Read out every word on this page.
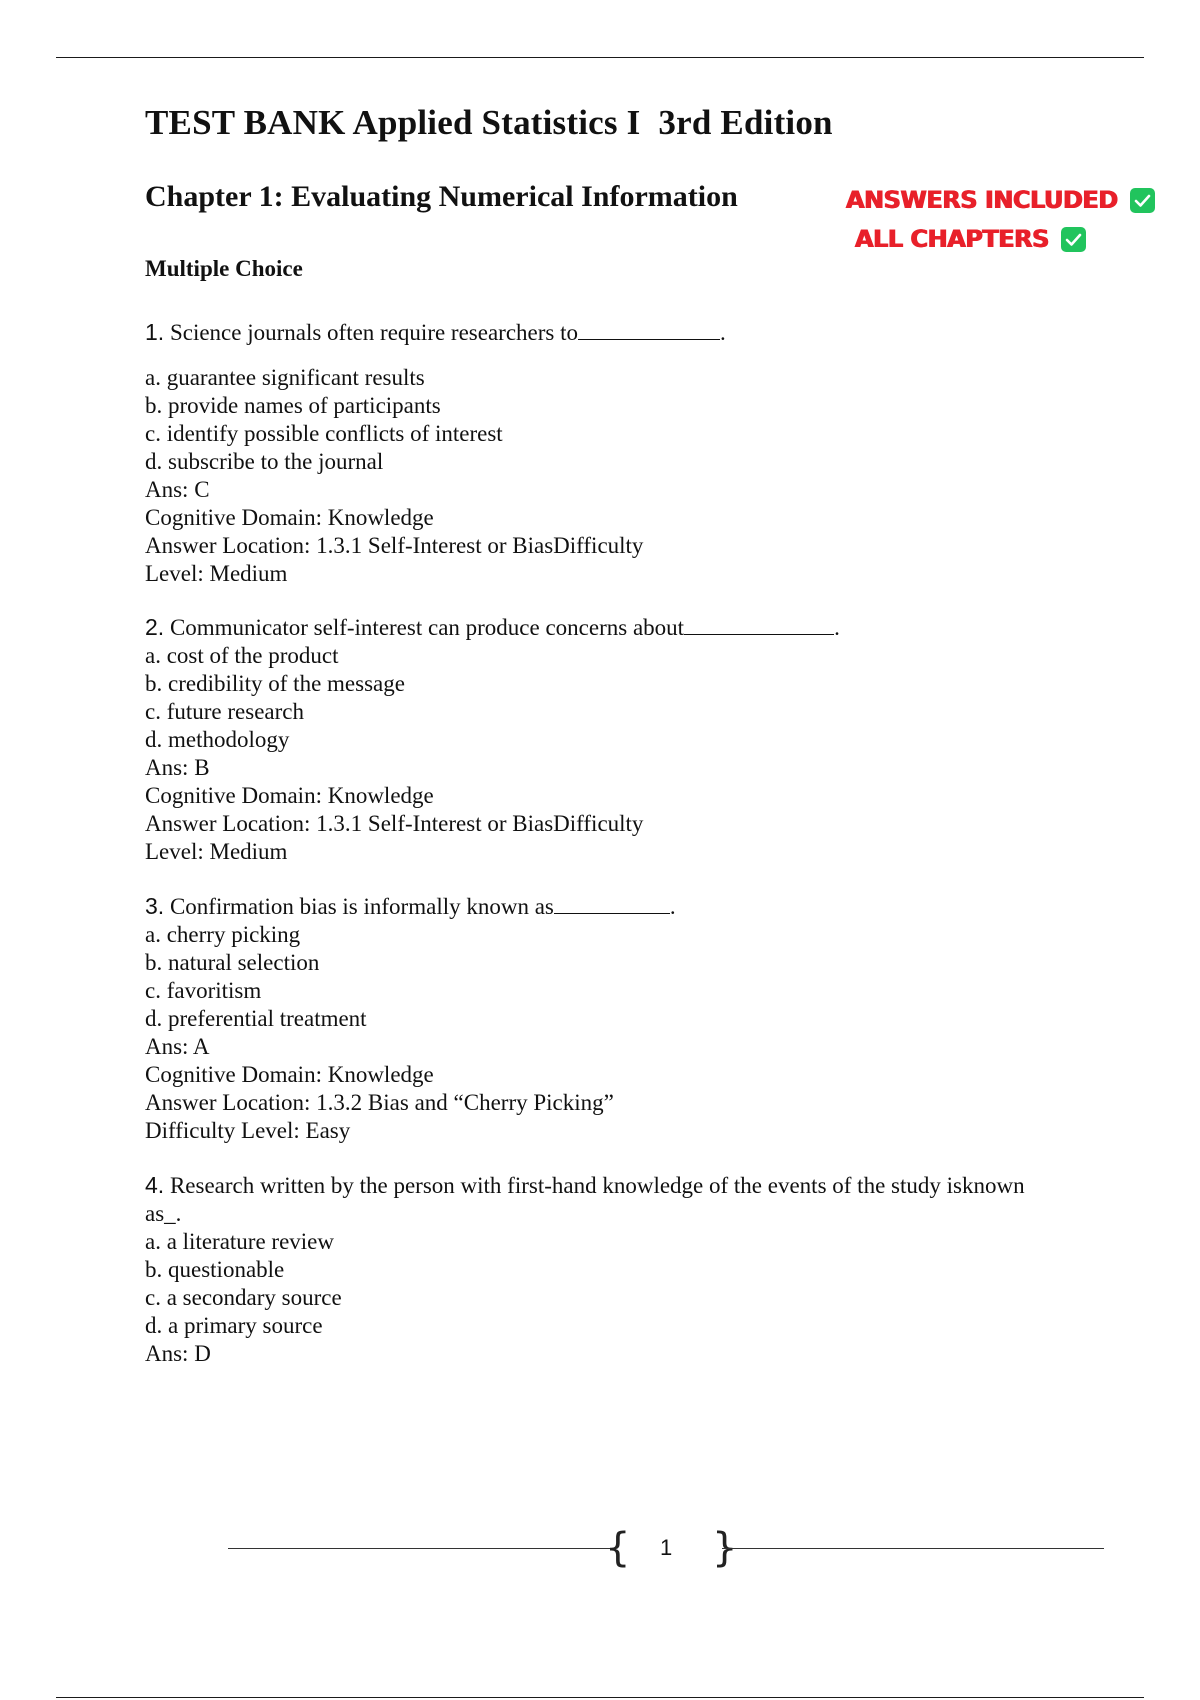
TEST BANK Applied Statistics I  3rd Edition
Chapter 1: Evaluating Numerical Information
Multiple Choice
ANSWERS INCLUDED
ALL CHAPTERS
1. Science journals often require researchers to	.
a. guarantee significant results
b. provide names of participants
c. identify possible conflicts of interest
d. subscribe to the journal
Ans: C
Cognitive Domain: Knowledge
Answer Location: 1.3.1 Self-Interest or BiasDifficulty
Level: Medium
2. Communicator self-interest can produce concerns about	.
a. cost of the product
b. credibility of the message
c. future research
d. methodology
Ans: B
Cognitive Domain: Knowledge
Answer Location: 1.3.1 Self-Interest or BiasDifficulty
Level: Medium
3. Confirmation bias is informally known as	.
a. cherry picking
b. natural selection
c. favoritism
d. preferential treatment
Ans: A
Cognitive Domain: Knowledge
Answer Location: 1.3.2 Bias and “Cherry Picking”
Difficulty Level: Easy
4. Research written by the person with first-hand knowledge of the events of the study isknown
as_.
a. a literature review
b. questionable
c. a secondary source
d. a primary source
Ans: D
{ 1 }
